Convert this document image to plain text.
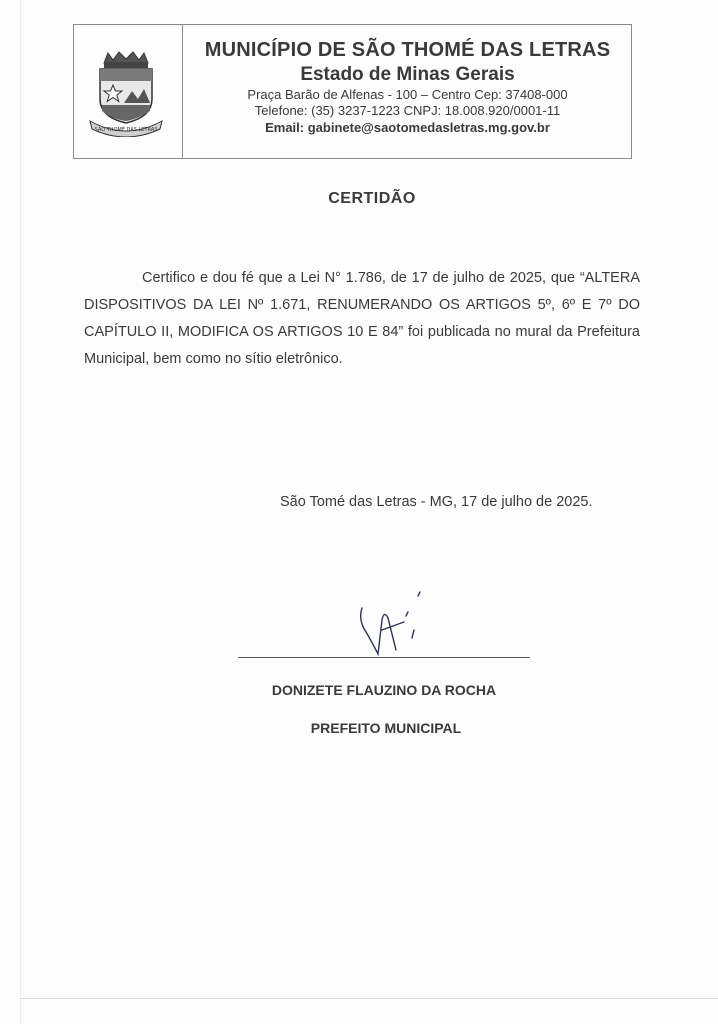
SÃO THOMÉ DAS LETRAS
MUNICÍPIO DE SÃO THOMÉ DAS LETRAS
Estado de Minas Gerais
Praça Barão de Alfenas - 100 – Centro Cep: 37408-000
Telefone: (35) 3237-1223 CNPJ: 18.008.920/0001-11
Email: gabinete@saotomedasletras.mg.gov.br
CERTIDÃO
Certifico e dou fé que a Lei N° 1.786, de 17 de julho de 2025, que “ALTERA DISPOSITIVOS DA LEI Nº 1.671, RENUMERANDO OS ARTIGOS 5º, 6º E 7º DO CAPÍTULO II, MODIFICA OS ARTIGOS 10 E 84” foi publicada no mural da Prefeitura Municipal, bem como no sítio eletrônico.
São Tomé das Letras - MG, 17 de julho de 2025.
DONIZETE FLAUZINO DA ROCHA
PREFEITO MUNICIPAL
